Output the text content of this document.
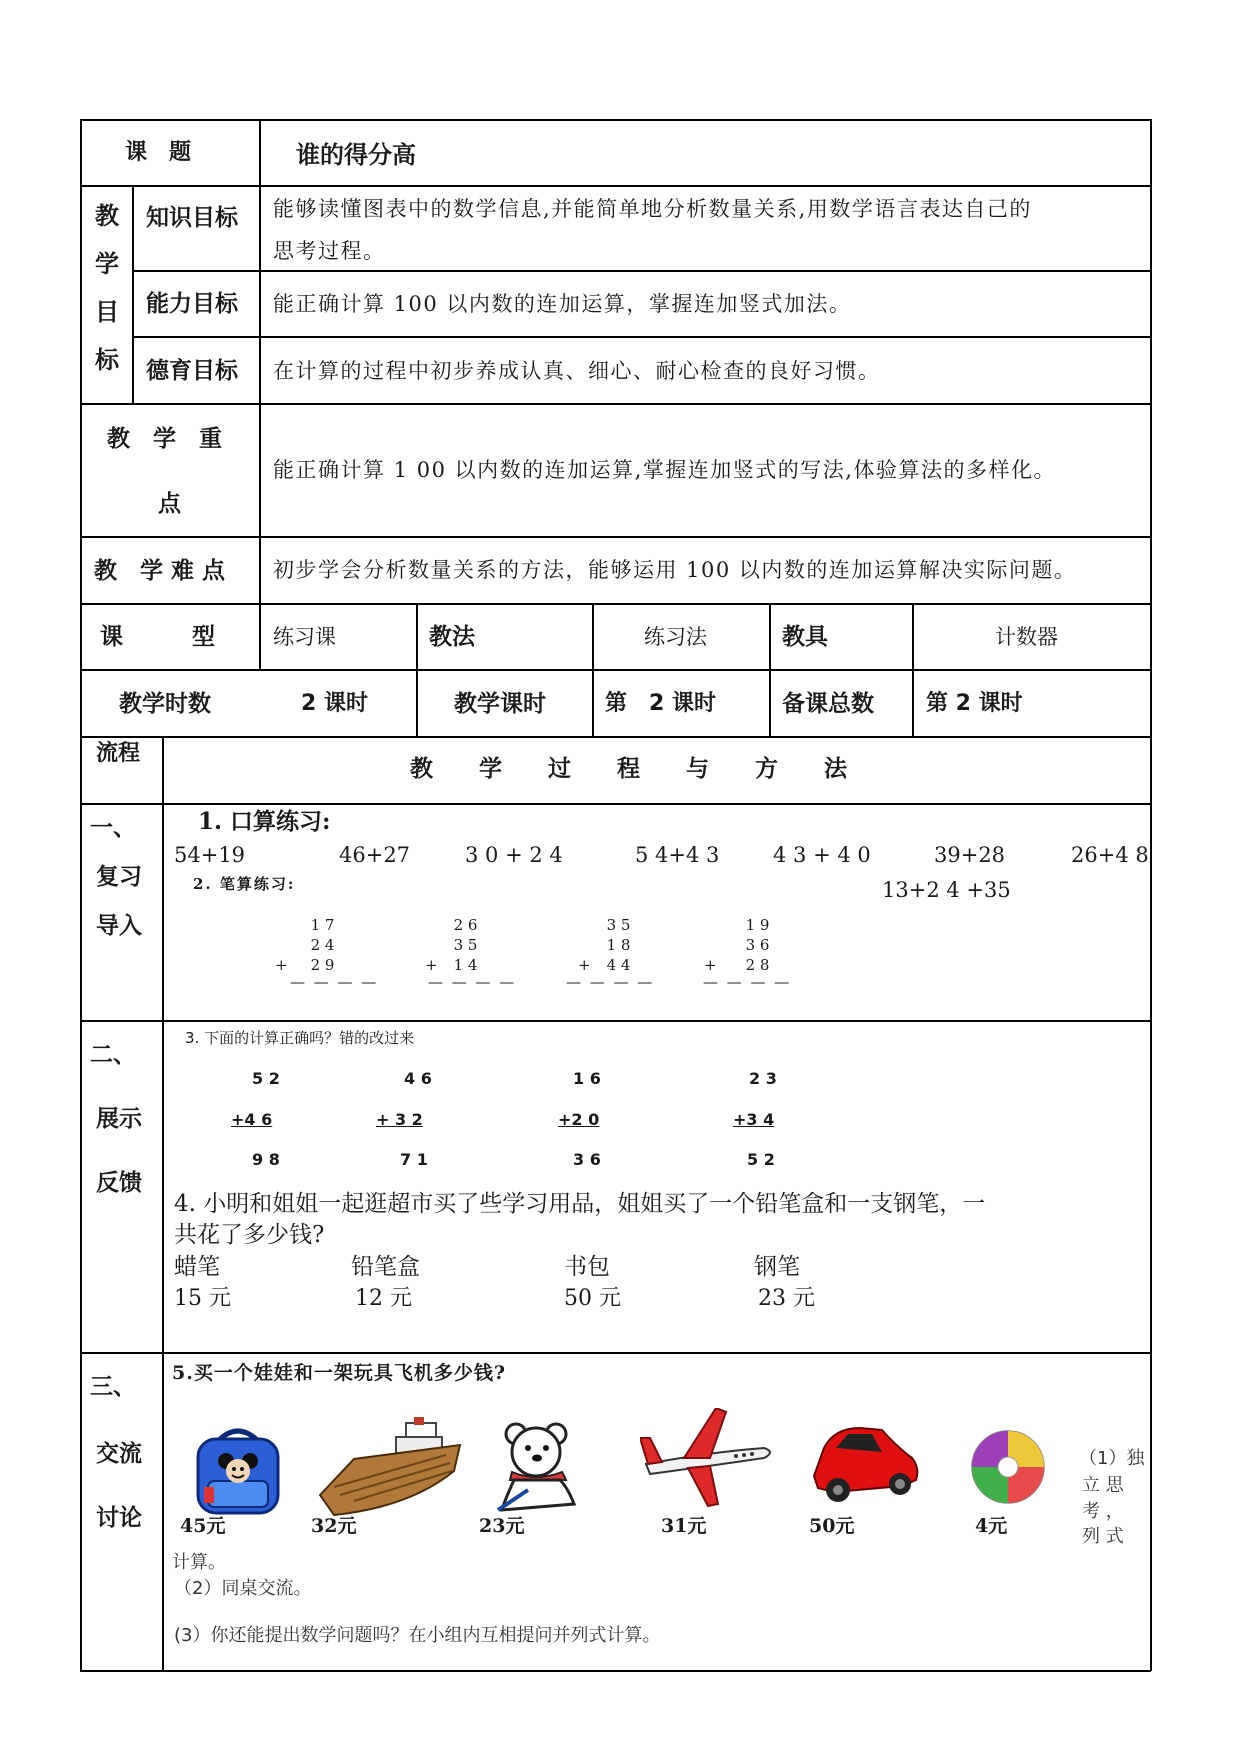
课　题	谁的得分高
教
学
目
标
知识目标 能够读懂图表中的数学信息,并能简单地分析数量关系,用数学语言表达自己的
思考过程。
能力目标 能正确计算 100 以内数的连加运算，掌握连加竖式加法。
德育目标 在计算的过程中初步养成认真、细心、耐心检查的良好习惯。
教　学　重
点
能正确计算 1 00 以内数的连加运算,掌握连加竖式的写法,体验算法的多样化。
教　学 难 点 初步学会分析数量关系的方法，能够运用 100 以内数的连加运算解决实际问题。
课　　　型	练习课	教法	练习法	教具	计数器
教学时数	2 课时	教学课时	第　2 课时	备课总数 第 2 课时
流程
教　　学　　过　　程　　与　　方　　法
一、
复习
导入
1. 口算练习:
54+19	46+27	3 0 + 2 4	5 4+4 3	4 3 + 4 0	39+28	26+4 8
13+2 4 +35
2. 笔算练习:
1 7
2 4
2 9
+
— — — —
2 6
3 5
1 4
+
— — — —
3 5
1 8
4 4
+
— — — —
1 9
3 6
2 8
+
— — — —
二、
展示
反馈
3. 下面的计算正确吗？错的改过来
5 2
+4 6
9 8
4 6
+ 3 2
7 1
1 6
+2 0
3 6
2 3
+3 4
5 2
4. 小明和姐姐一起逛超市买了些学习用品，姐姐买了一个铅笔盒和一支钢笔，一
共花了多少钱?
蜡笔
15 元
铅笔盒
12 元
书包
50 元
钢笔
23 元
三、
交流
讨论
5.买一个娃娃和一架玩具飞机多少钱?
45元	32元	23元	31元	50元	4元
（1）独
立 思
考 ，
列 式
计算。
（2）同桌交流。
(3）你还能提出数学问题吗？在小组内互相提问并列式计算。
